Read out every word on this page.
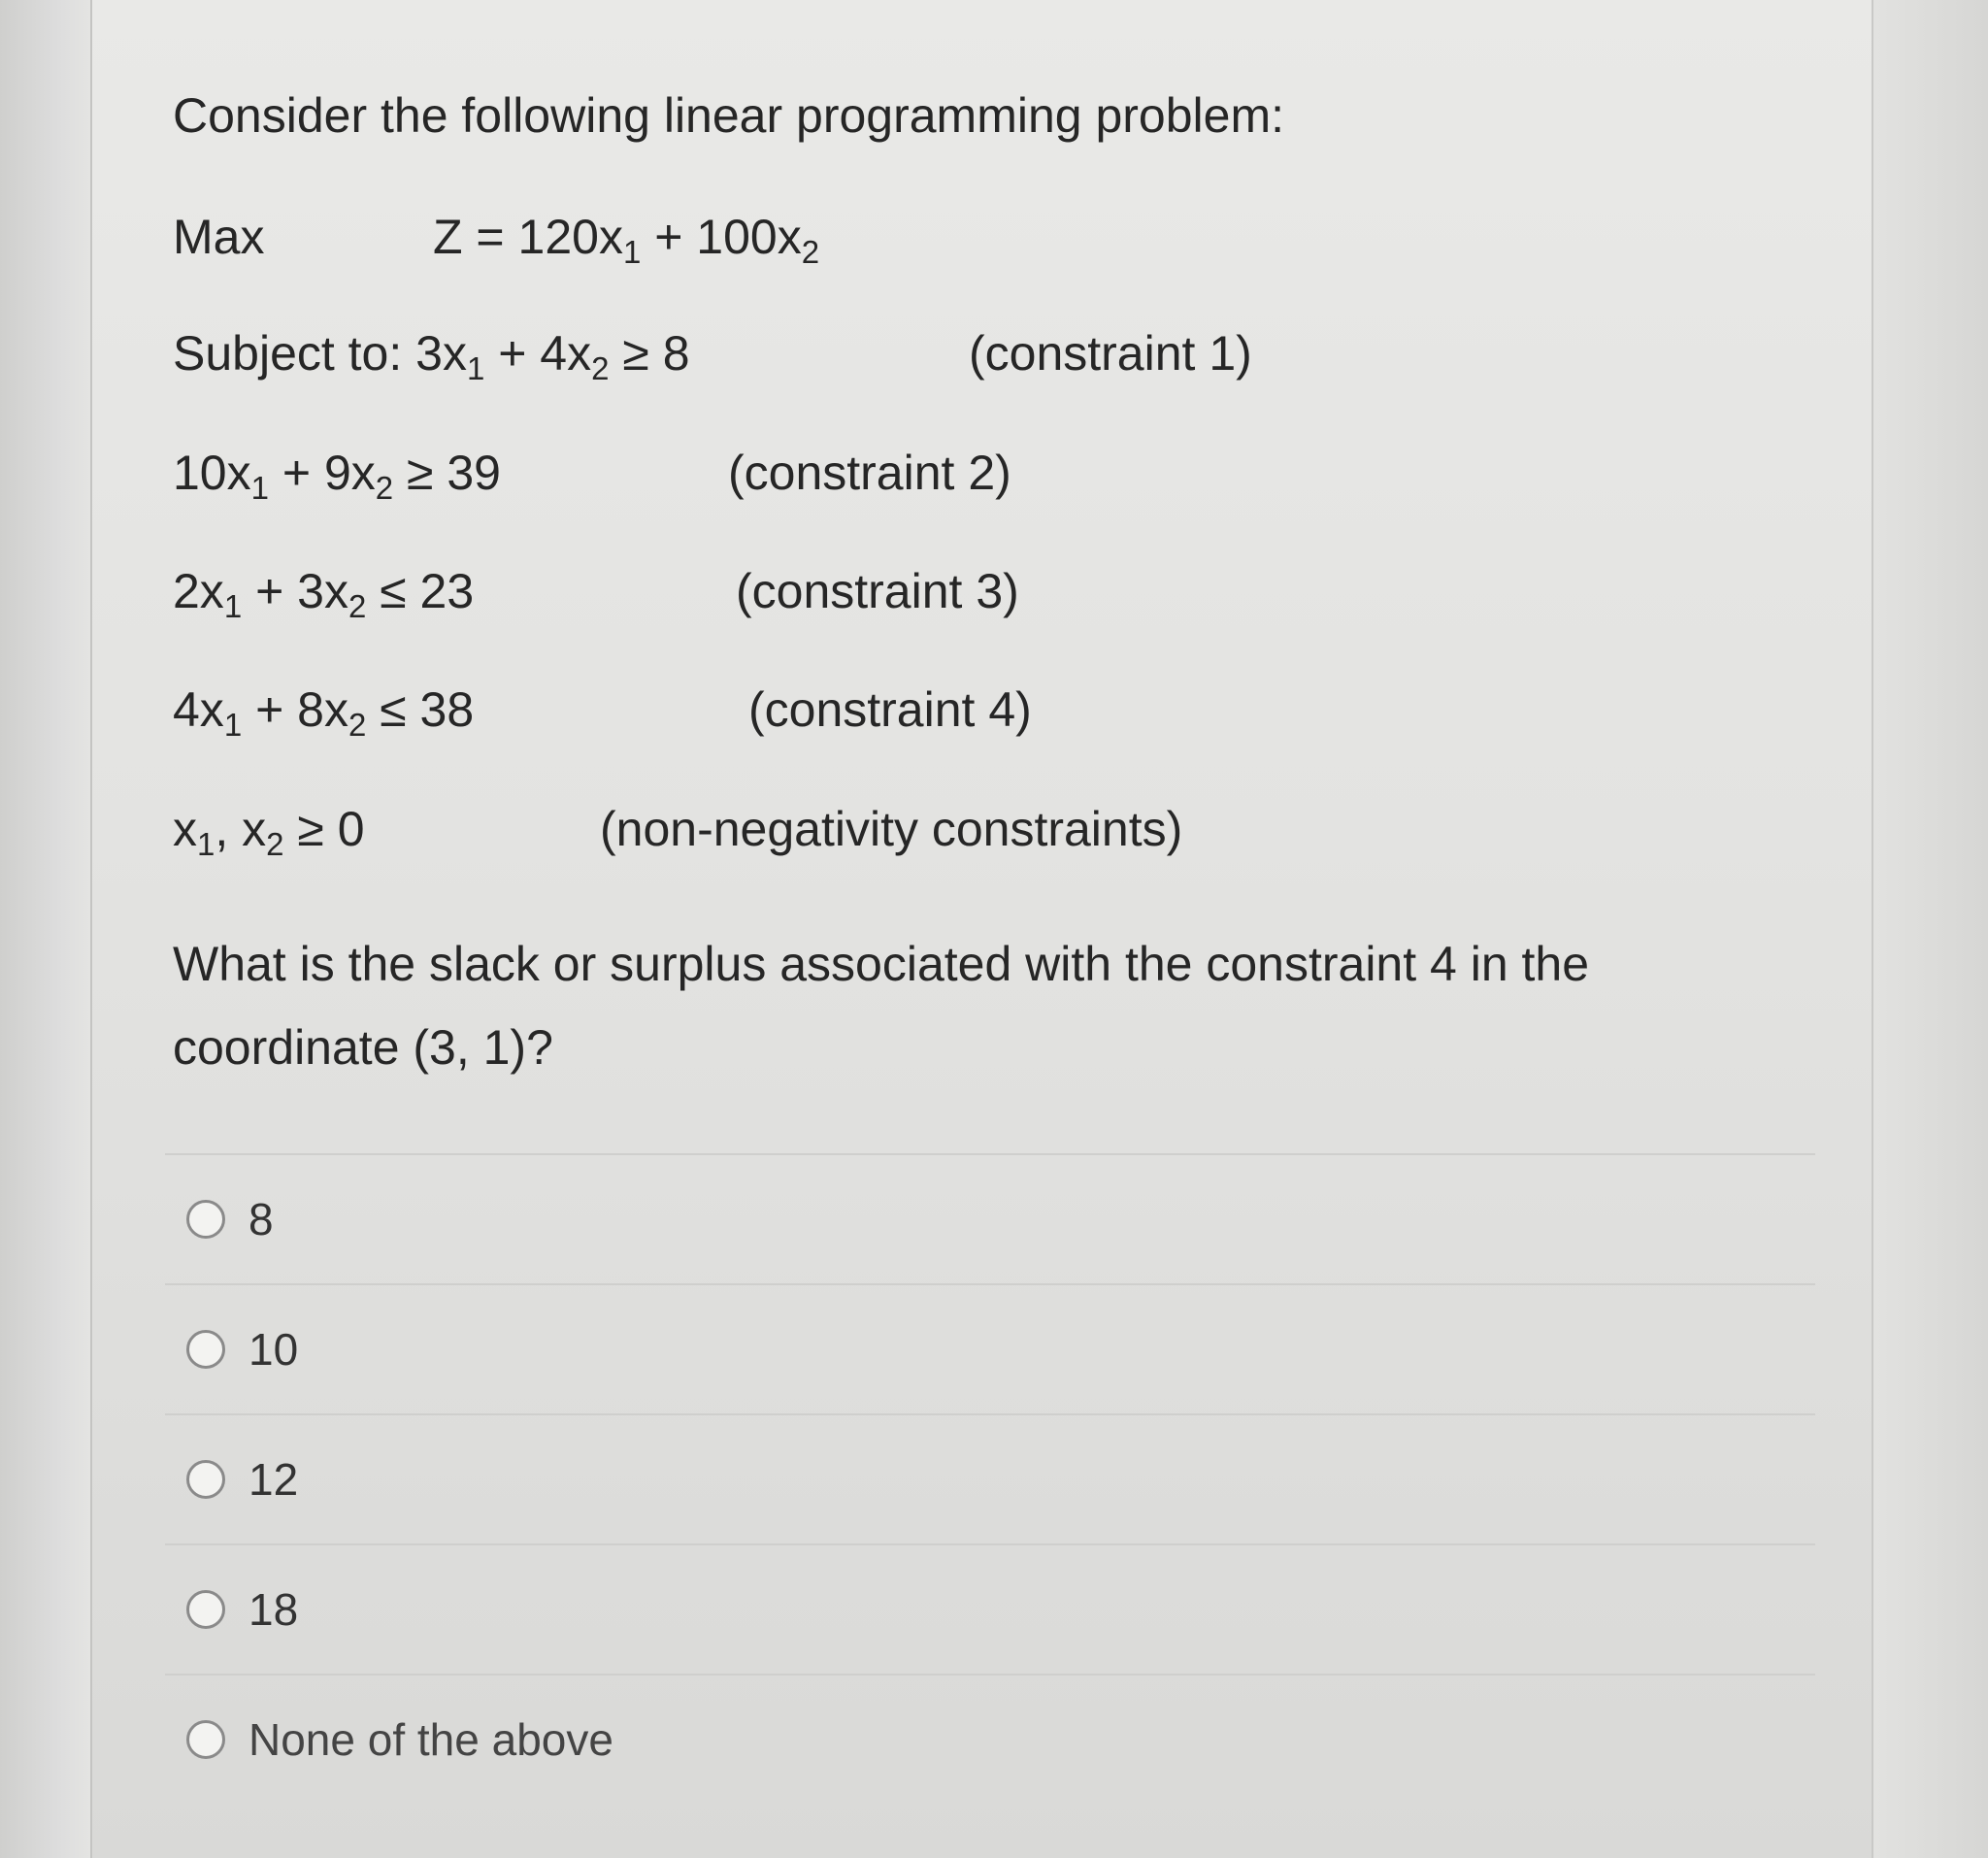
Consider the following linear programming problem:
Max	$Z = 120x_1 + 100x_2$
Subject to: $3x_1 + 4x_2 \ge 8$	(constraint 1)
$10x_1 + 9x_2 \ge 39$	(constraint 2)
$2x_1 + 3x_2 \le 23$	(constraint 3)
$4x_1 + 8x_2 \le 38$	(constraint 4)
$x_1$, $x_2 \ge 0$	(non-negativity constraints)
What is the slack or surplus associated with the constraint 4 in the coordinate (3, 1)?
8
10
12
18
None of the above
